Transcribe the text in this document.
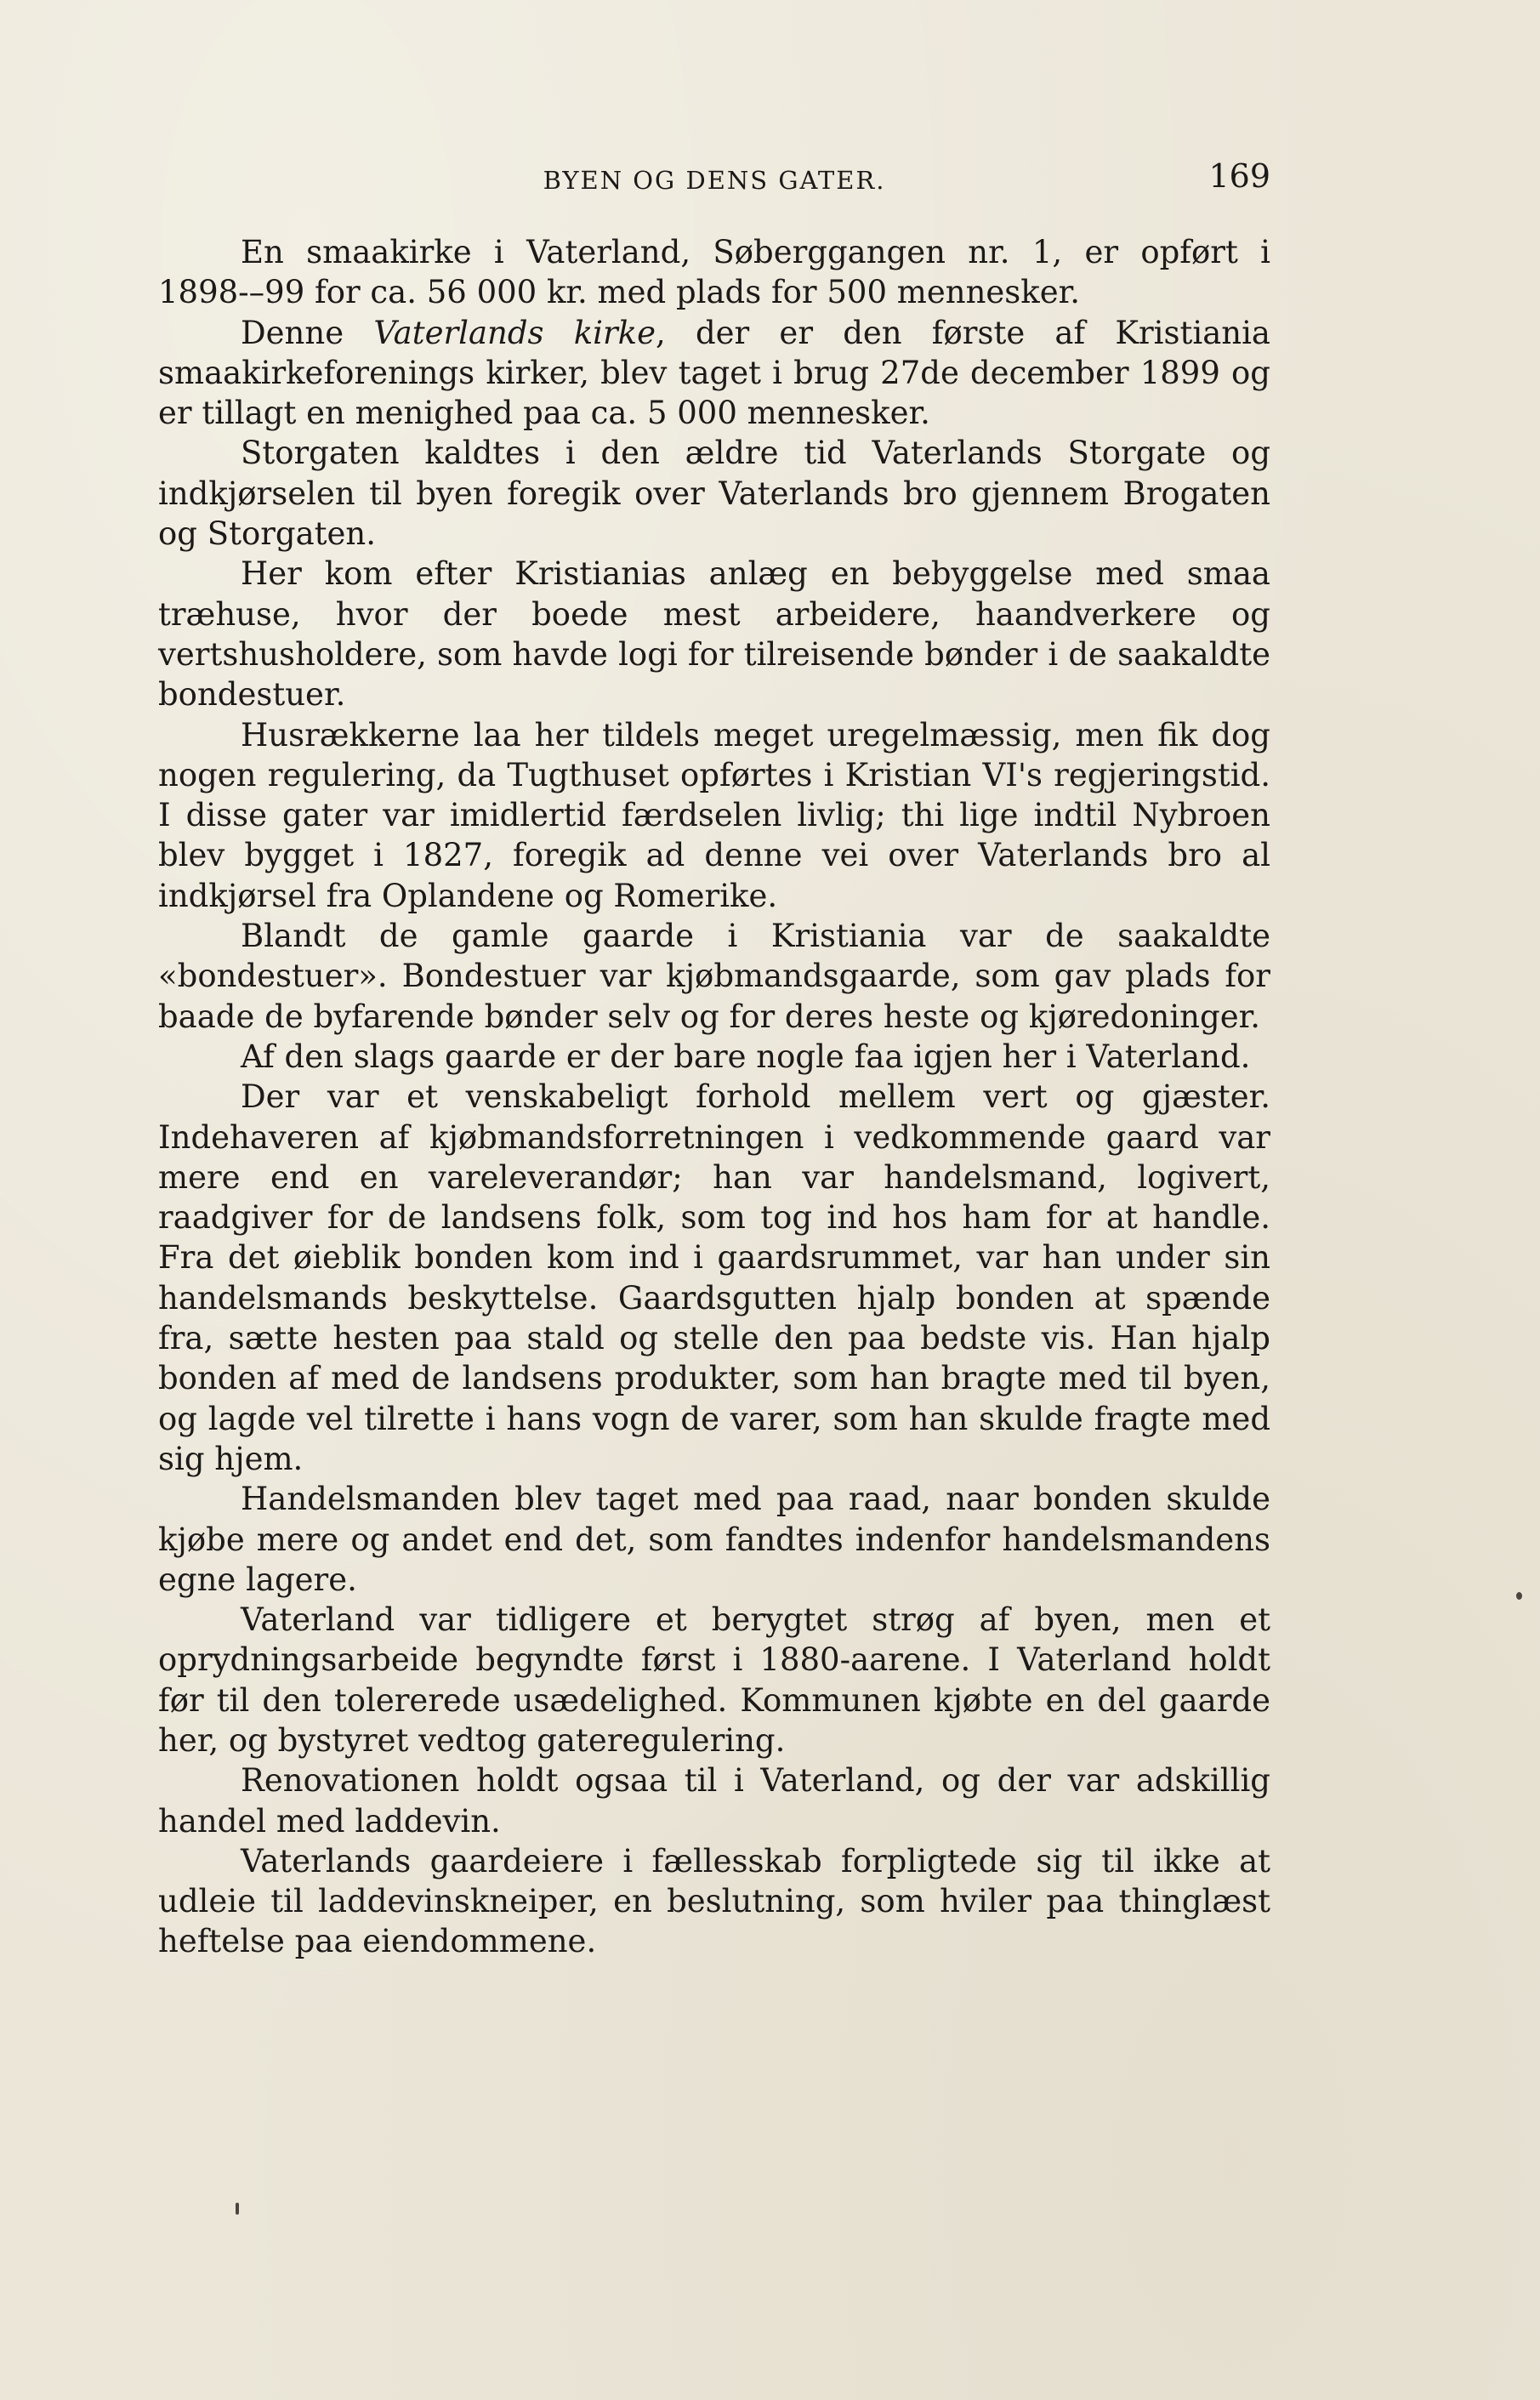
BYEN OG DENS GATER.	169

En smaakirke i Vaterland, Søberggangen nr. 1, er opført i 1898‑–99 for ca. 56 000 kr. med plads for 500 mennesker.

Denne Vaterlands kirke, der er den første af Kristiania smaakirkeforenings kirker, blev taget i brug 27de december 1899 og er tillagt en menighed paa ca. 5 000 mennesker.

Storgaten kaldtes i den ældre tid Vaterlands Storgate og indkjørselen til byen foregik over Vaterlands bro gjennem Brogaten og Storgaten.

Her kom efter Kristianias anlæg en bebyggelse med smaa træhuse, hvor der boede mest arbeidere, haandverkere og vertshusholdere, som havde logi for tilreisende bønder i de saakaldte bondestuer.

Husrækkerne laa her tildels meget uregelmæssig, men fik dog nogen regulering, da Tugthuset opførtes i Kristian VI's regjeringstid. I disse gater var imidlertid færdselen livlig; thi lige indtil Nybroen blev bygget i 1827, foregik ad denne vei over Vaterlands bro al indkjørsel fra Oplandene og Romerike.

Blandt de gamle gaarde i Kristiania var de saakaldte «bondestuer». Bondestuer var kjøbmandsgaarde, som gav plads for baade de byfarende bønder selv og for deres heste og kjøredoninger.

Af den slags gaarde er der bare nogle faa igjen her i Vaterland.

Der var et venskabeligt forhold mellem vert og gjæster. Indehaveren af kjøbmandsforretningen i vedkommende gaard var mere end en vareleverandør; han var handelsmand, logivert, raadgiver for de landsens folk, som tog ind hos ham for at handle. Fra det øieblik bonden kom ind i gaardsrummet, var han under sin handelsmands beskyttelse. Gaardsgutten hjalp bonden at spænde fra, sætte hesten paa stald og stelle den paa bedste vis. Han hjalp bonden af med de landsens produkter, som han bragte med til byen, og lagde vel tilrette i hans vogn de varer, som han skulde fragte med sig hjem.

Handelsmanden blev taget med paa raad, naar bonden skulde kjøbe mere og andet end det, som fandtes indenfor handelsmandens egne lagere.

Vaterland var tidligere et berygtet strøg af byen, men et oprydningsarbeide begyndte først i 1880-aarene. I Vaterland holdt før til den tolererede usædelighed. Kommunen kjøbte en del gaarde her, og bystyret vedtog gateregulering.

Renovationen holdt ogsaa til i Vaterland, og der var adskillig handel med laddevin.

Vaterlands gaardeiere i fællesskab forpligtede sig til ikke at udleie til laddevinskneiper, en beslutning, som hviler paa thinglæst heftelse paa eiendommene.
